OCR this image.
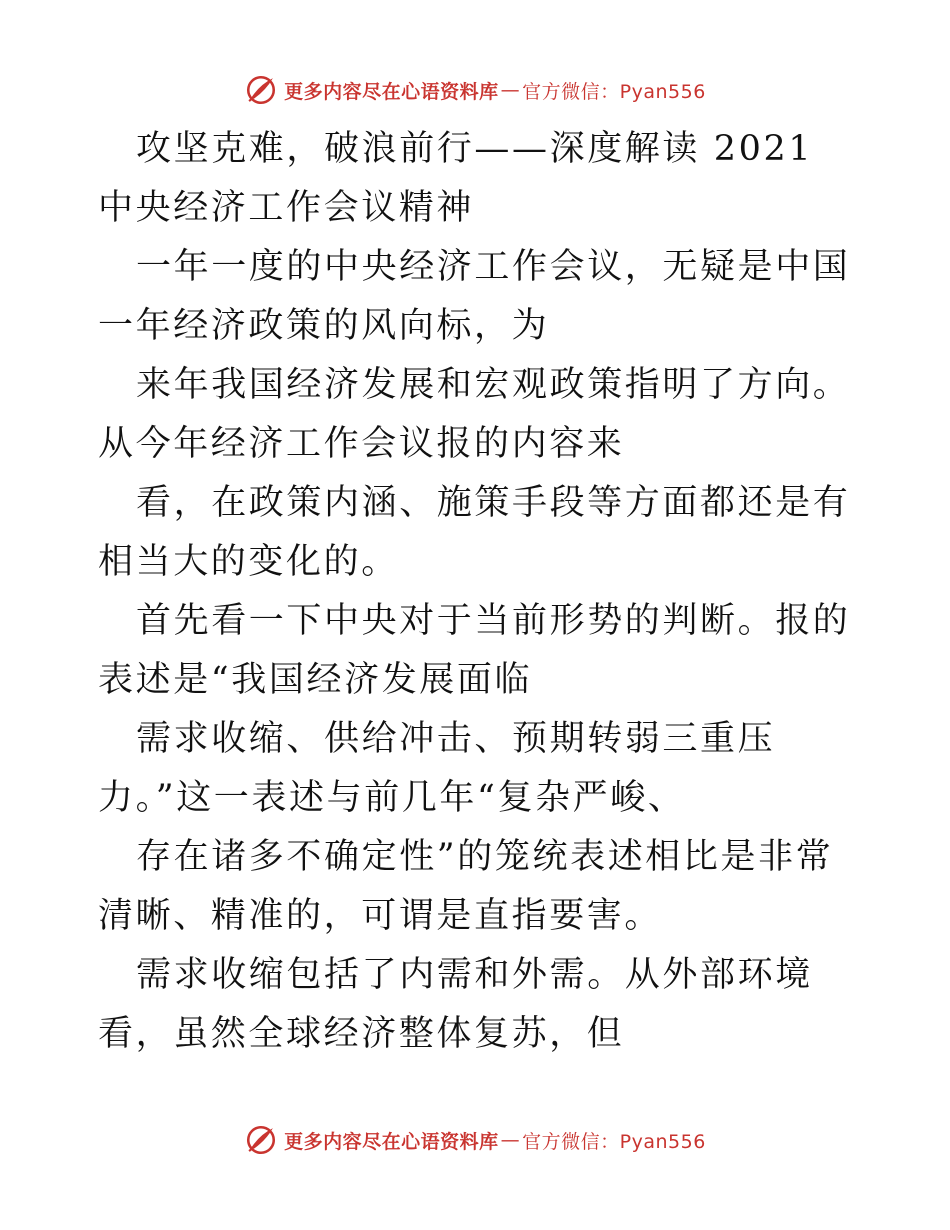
更多内容尽在心语资料库 — 官方微信：Pyan556

攻坚克难，破浪前行——深度解读 2021 中央经济工作会议精神

一年一度的中央经济工作会议，无疑是中国一年经济政策的风向标，为

来年我国经济发展和宏观政策指明了方向。从今年经济工作会议报的内容来

看，在政策内涵、施策手段等方面都还是有相当大的变化的。

首先看一下中央对于当前形势的判断。报的表述是“我国经济发展面临

需求收缩、供给冲击、预期转弱三重压力。”这一表述与前几年“复杂严峻、

存在诸多不确定性”的笼统表述相比是非常清晰、精准的，可谓是直指要害。

需求收缩包括了内需和外需。从外部环境看，虽然全球经济整体复苏，但

更多内容尽在心语资料库 — 官方微信：Pyan556
